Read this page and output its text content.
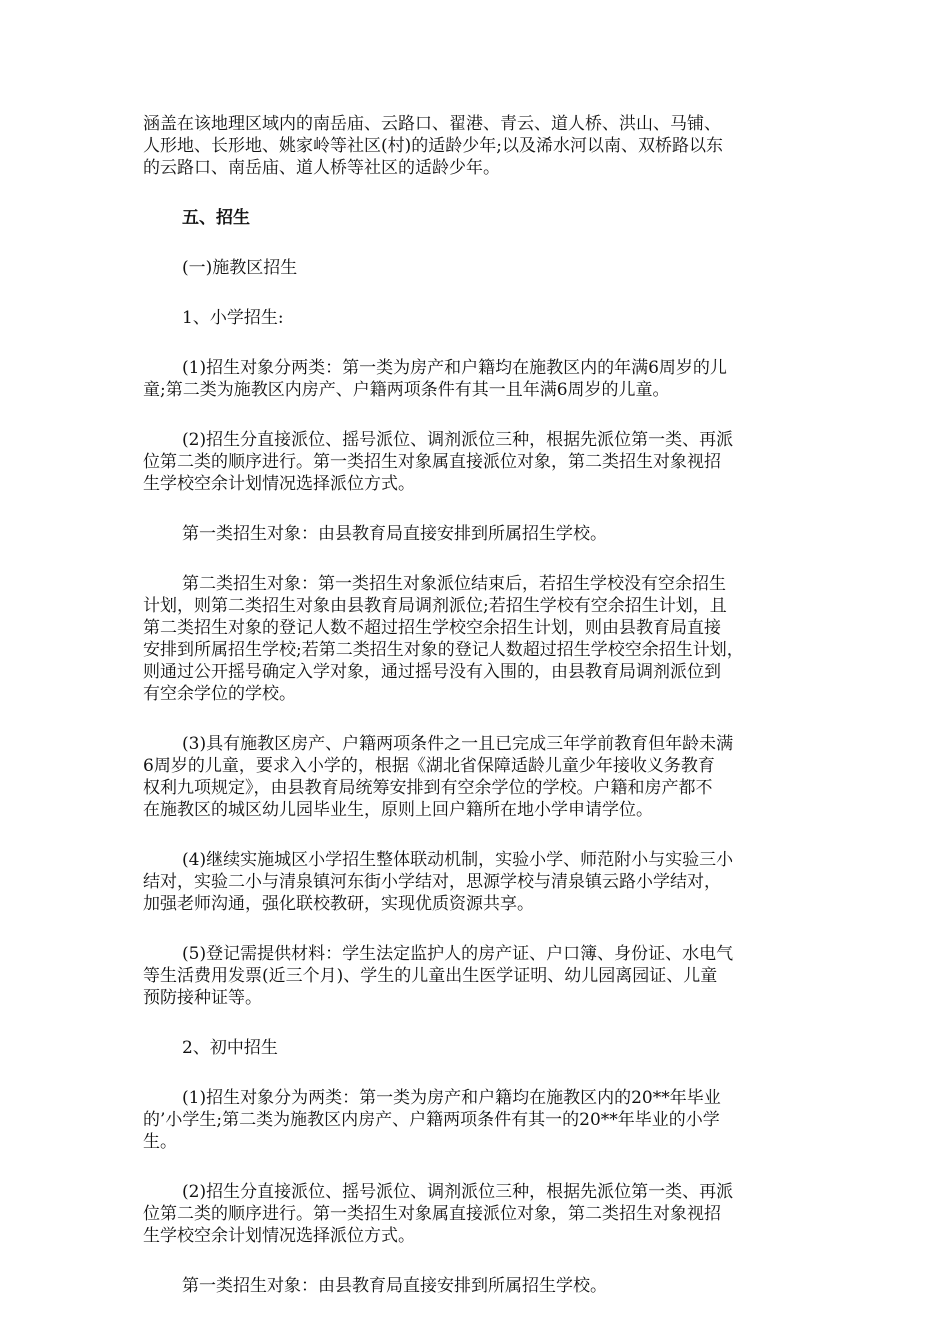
涵盖在该地理区域内的南岳庙、云路口、翟港、青云、道人桥、洪山、马铺、
人形地、长形地、姚家岭等社区(村)的适龄少年;以及浠水河以南、双桥路以东
的云路口、南岳庙、道人桥等社区的适龄少年。
五、招生
(一)施教区招生
1、小学招生:
(1)招生对象分两类：第一类为房产和户籍均在施教区内的年满6周岁的儿
童;第二类为施教区内房产、户籍两项条件有其一且年满6周岁的儿童。
(2)招生分直接派位、摇号派位、调剂派位三种，根据先派位第一类、再派
位第二类的顺序进行。第一类招生对象属直接派位对象，第二类招生对象视招
生学校空余计划情况选择派位方式。
第一类招生对象：由县教育局直接安排到所属招生学校。
第二类招生对象：第一类招生对象派位结束后，若招生学校没有空余招生
计划，则第二类招生对象由县教育局调剂派位;若招生学校有空余招生计划，且
第二类招生对象的登记人数不超过招生学校空余招生计划，则由县教育局直接
安排到所属招生学校;若第二类招生对象的登记人数超过招生学校空余招生计划，
则通过公开摇号确定入学对象，通过摇号没有入围的，由县教育局调剂派位到
有空余学位的学校。
(3)具有施教区房产、户籍两项条件之一且已完成三年学前教育但年龄未满
6周岁的儿童，要求入小学的，根据《湖北省保障适龄儿童少年接收义务教育
权利九项规定》，由县教育局统筹安排到有空余学位的学校。户籍和房产都不
在施教区的城区幼儿园毕业生，原则上回户籍所在地小学申请学位。
(4)继续实施城区小学招生整体联动机制，实验小学、师范附小与实验三小
结对，实验二小与清泉镇河东街小学结对，思源学校与清泉镇云路小学结对，
加强老师沟通，强化联校教研，实现优质资源共享。
(5)登记需提供材料：学生法定监护人的房产证、户口簿、身份证、水电气
等生活费用发票(近三个月)、学生的儿童出生医学证明、幼儿园离园证、儿童
预防接种证等。
2、初中招生
(1)招生对象分为两类：第一类为房产和户籍均在施教区内的20**年毕业
的’小学生;第二类为施教区内房产、户籍两项条件有其一的20**年毕业的小学
生。
(2)招生分直接派位、摇号派位、调剂派位三种，根据先派位第一类、再派
位第二类的顺序进行。第一类招生对象属直接派位对象，第二类招生对象视招
生学校空余计划情况选择派位方式。
第一类招生对象：由县教育局直接安排到所属招生学校。
